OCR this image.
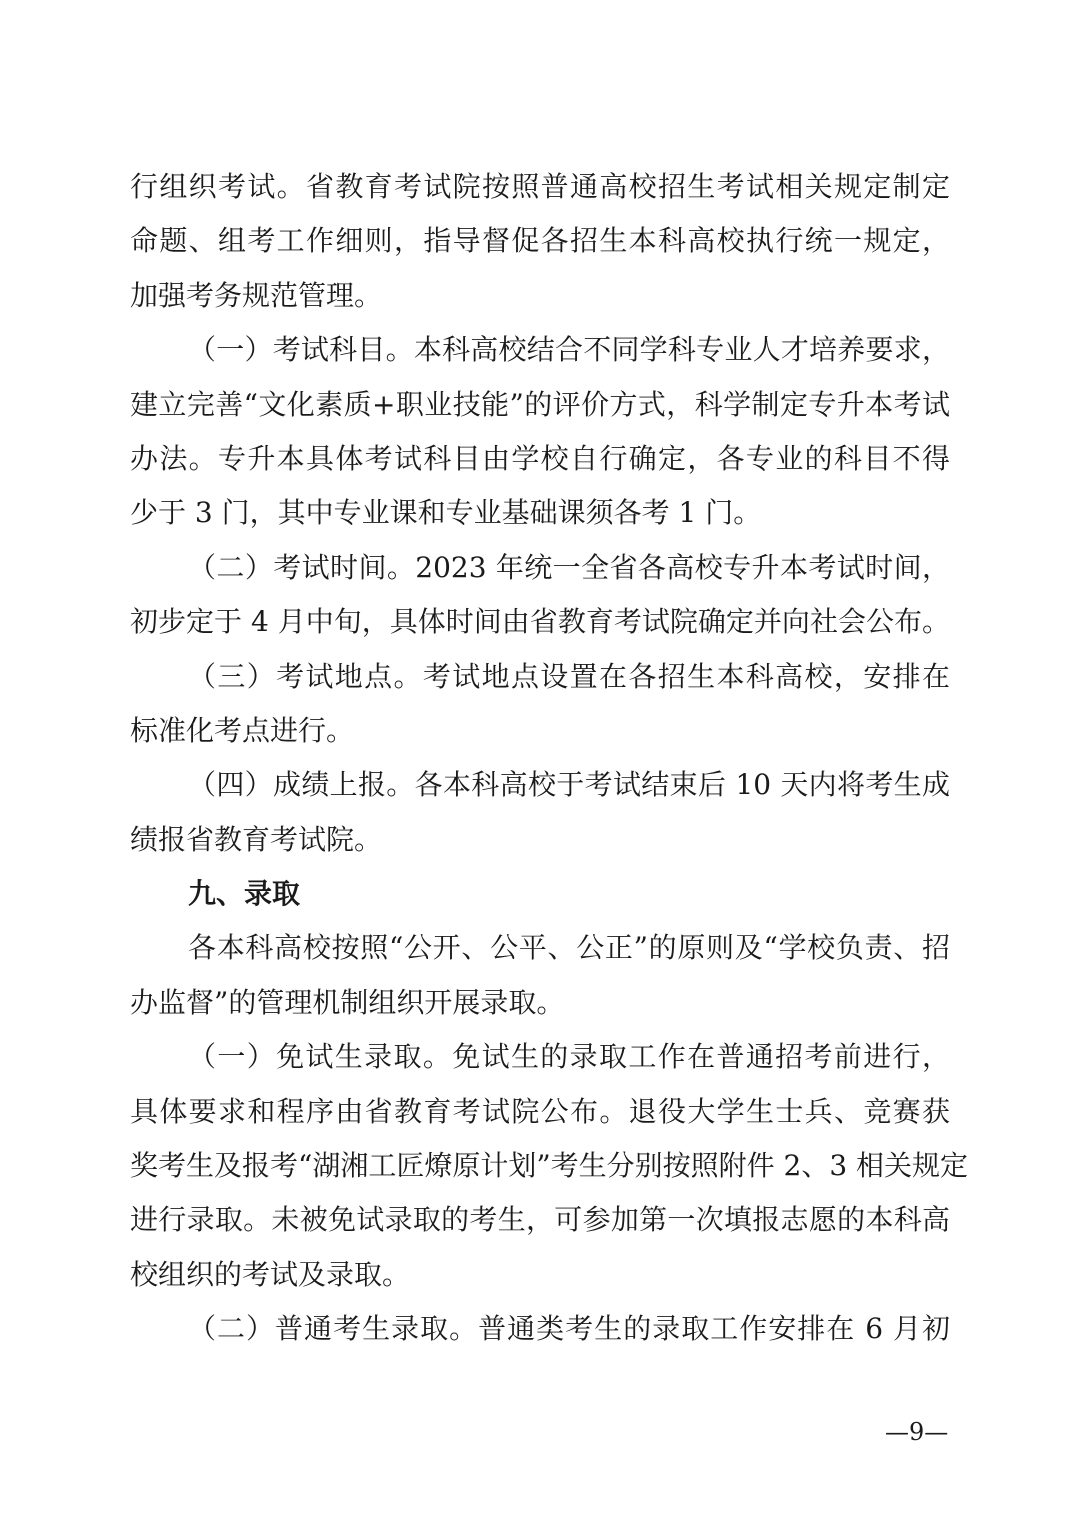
行组织考试。省教育考试院按照普通高校招生考试相关规定制定
命题、组考工作细则，指导督促各招生本科高校执行统一规定，
加强考务规范管理。
（一）考试科目。本科高校结合不同学科专业人才培养要求，
建立完善“文化素质+职业技能”的评价方式，科学制定专升本考试
办法。专升本具体考试科目由学校自行确定，各专业的科目不得
少于 3 门，其中专业课和专业基础课须各考 1 门。
（二）考试时间。2023 年统一全省各高校专升本考试时间，
初步定于 4 月中旬，具体时间由省教育考试院确定并向社会公布。
（三）考试地点。考试地点设置在各招生本科高校，安排在
标准化考点进行。
（四）成绩上报。各本科高校于考试结束后 10 天内将考生成
绩报省教育考试院。
九、录取
各本科高校按照“公开、公平、公正”的原则及“学校负责、招
办监督”的管理机制组织开展录取。
（一）免试生录取。免试生的录取工作在普通招考前进行，
具体要求和程序由省教育考试院公布。退役大学生士兵、竞赛获
奖考生及报考“湖湘工匠燎原计划”考生分别按照附件 2、3 相关规定
进行录取。未被免试录取的考生，可参加第一次填报志愿的本科高
校组织的考试及录取。
（二）普通考生录取。普通类考生的录取工作安排在 6 月初
—9—
